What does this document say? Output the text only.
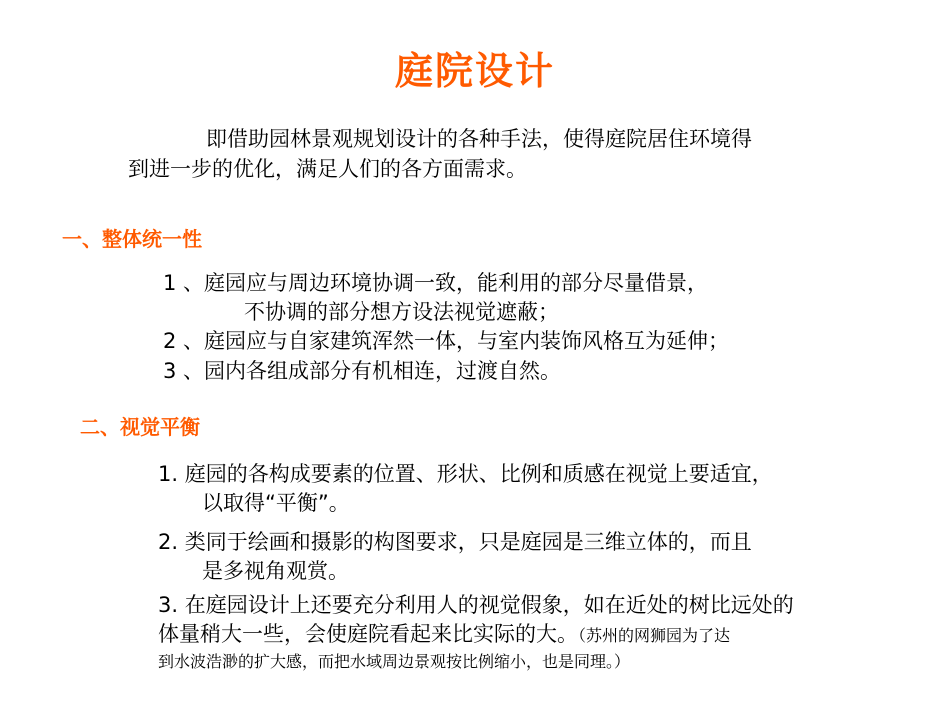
庭院设计
即借助园林景观规划设计的各种手法，使得庭院居住环境得
到进一步的优化，满足人们的各方面需求。
一、整体统一性
1 、庭园应与周边环境协调一致，能利用的部分尽量借景，
不协调的部分想方设法视觉遮蔽；
2 、庭园应与自家建筑浑然一体，与室内装饰风格互为延伸；
3 、园内各组成部分有机相连，过渡自然。
二、视觉平衡
1. 庭园的各构成要素的位置、形状、比例和质感在视觉上要适宜，
以取得“平衡”。
2. 类同于绘画和摄影的构图要求，只是庭园是三维立体的，而且
是多视角观赏。
3. 在庭园设计上还要充分利用人的视觉假象，如在近处的树比远处的
体量稍大一些，会使庭院看起来比实际的大。（苏州的网狮园为了达
到水波浩渺的扩大感，而把水域周边景观按比例缩小，也是同理。）
